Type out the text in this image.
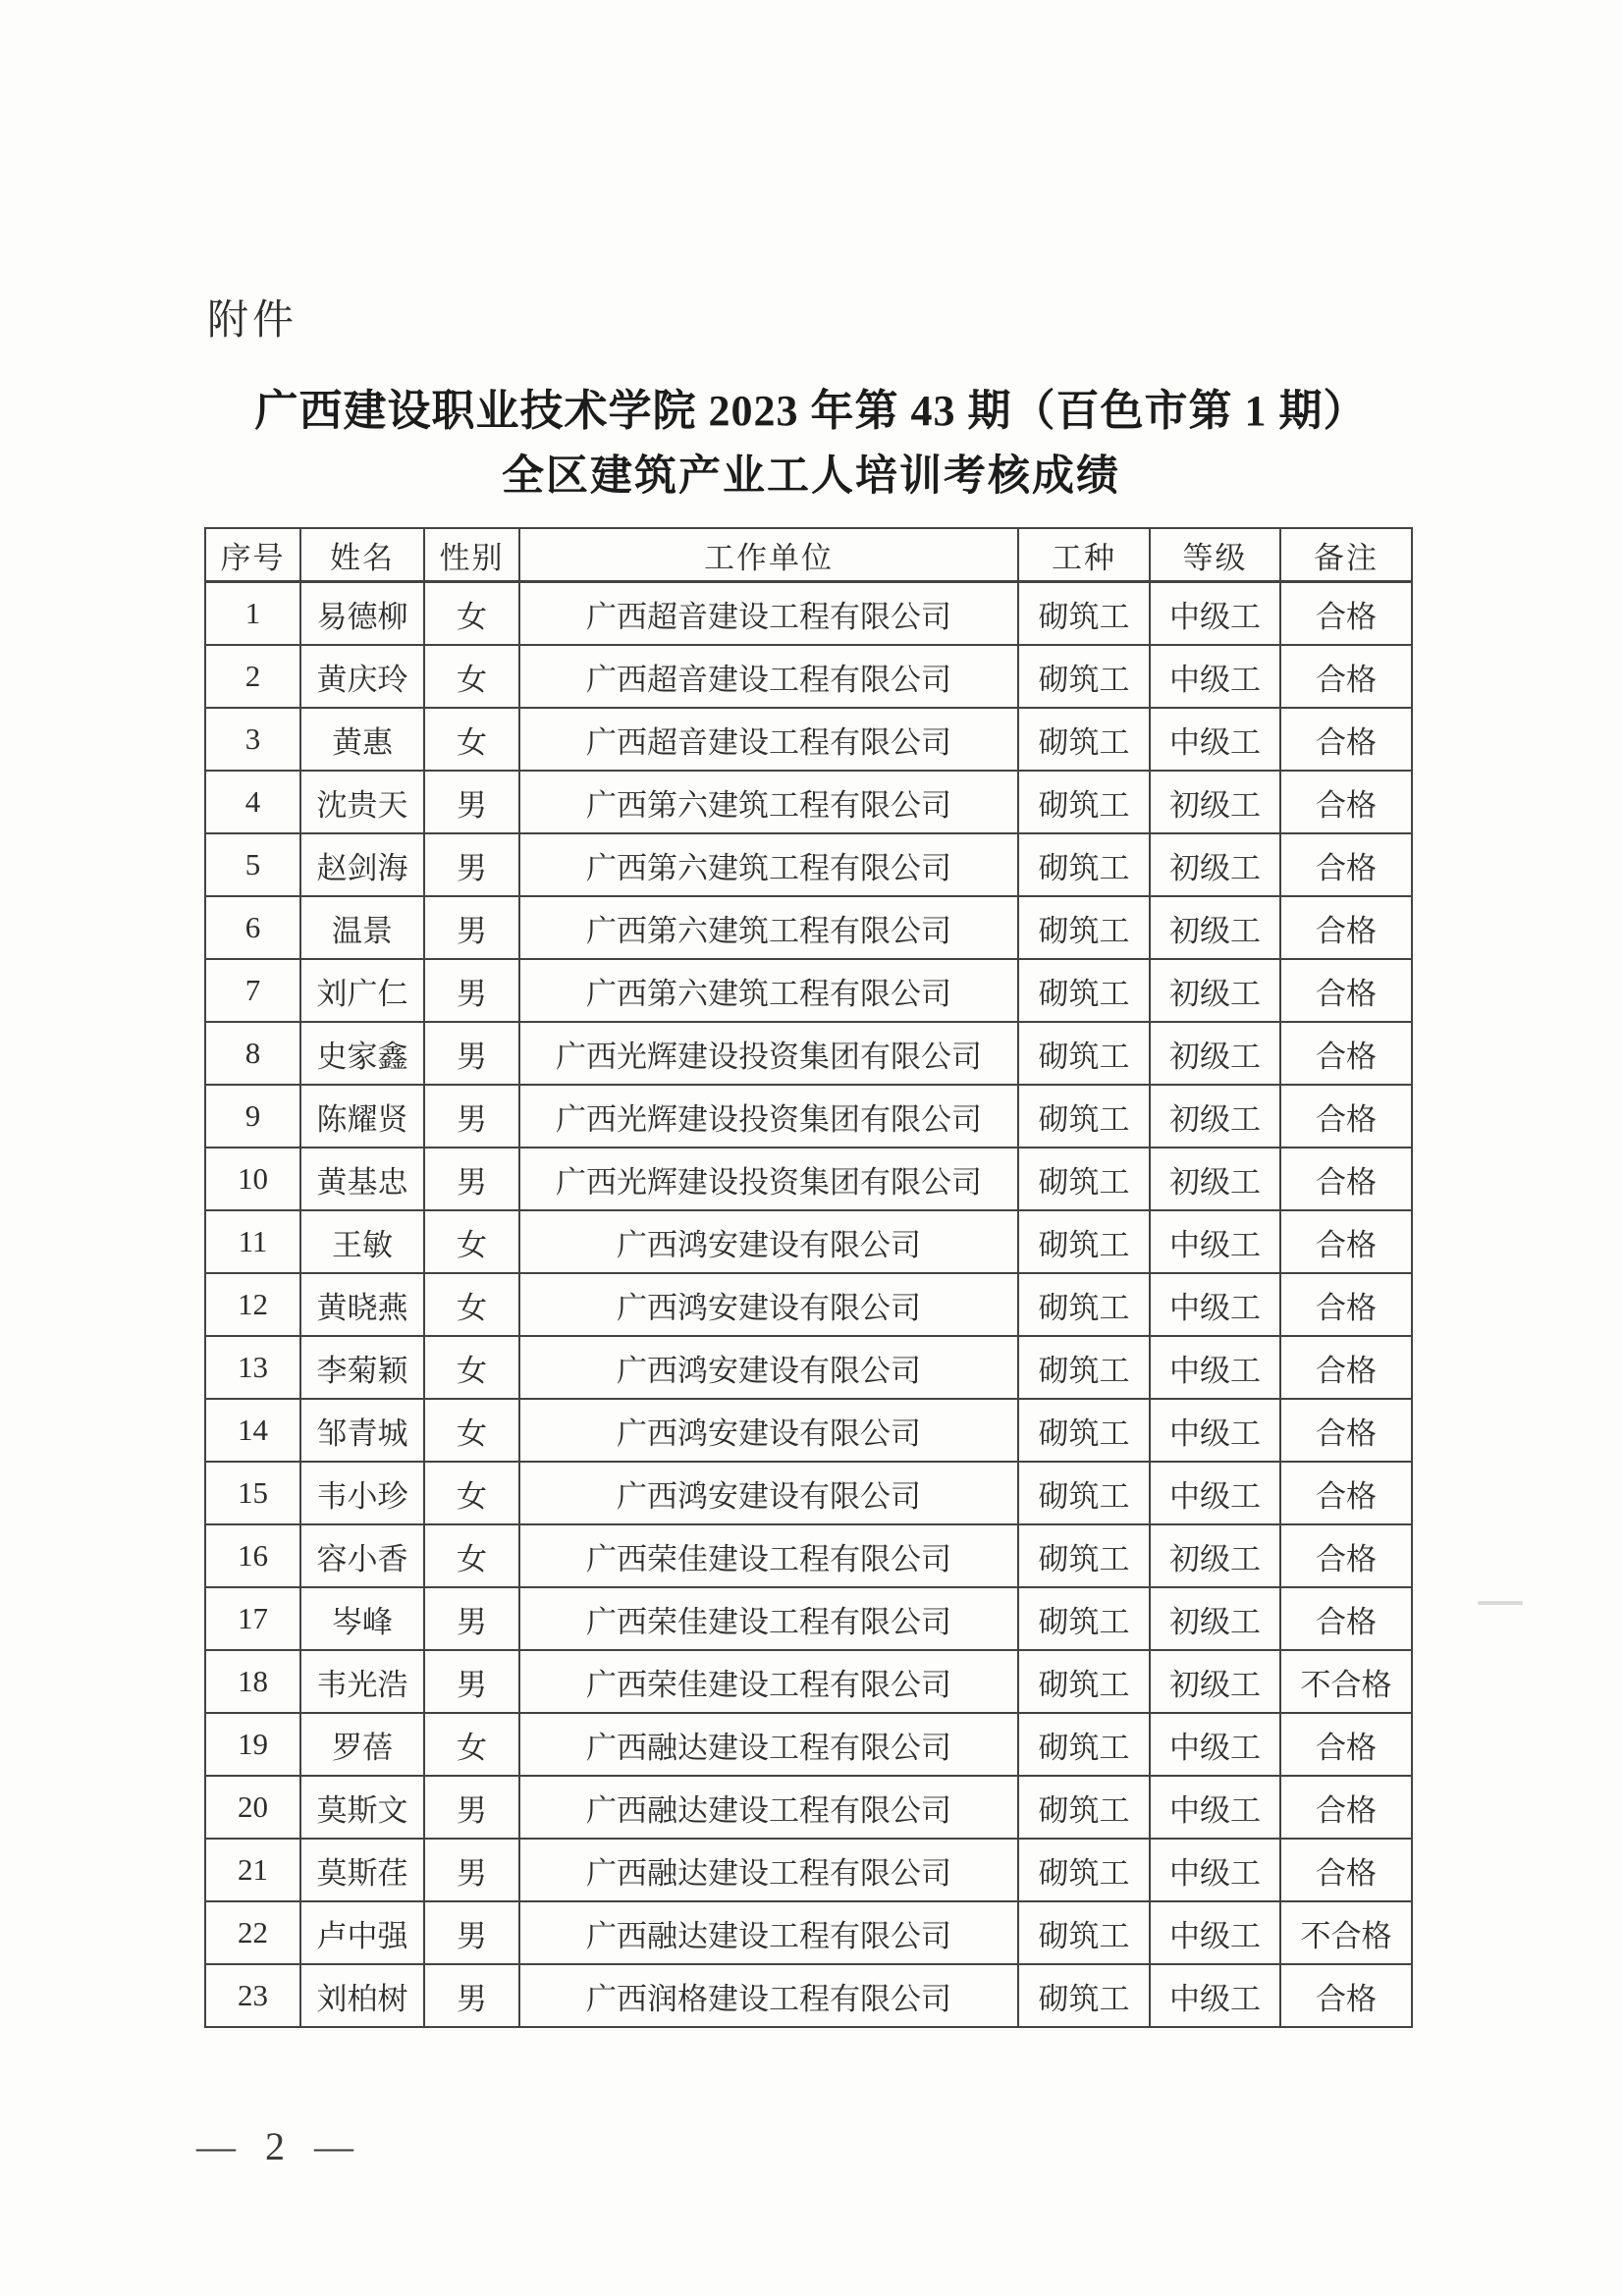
附件
广西建设职业技术学院 2023 年第 43 期（百色市第 1 期）
全区建筑产业工人培训考核成绩
序号	姓名	性别	工作单位	工种	等级	备注
1	易德柳	女	广西超音建设工程有限公司	砌筑工	中级工	合格
2	黄庆玲	女	广西超音建设工程有限公司	砌筑工	中级工	合格
3	黄惠	女	广西超音建设工程有限公司	砌筑工	中级工	合格
4	沈贵天	男	广西第六建筑工程有限公司	砌筑工	初级工	合格
5	赵剑海	男	广西第六建筑工程有限公司	砌筑工	初级工	合格
6	温景	男	广西第六建筑工程有限公司	砌筑工	初级工	合格
7	刘广仁	男	广西第六建筑工程有限公司	砌筑工	初级工	合格
8	史家鑫	男	广西光辉建设投资集团有限公司	砌筑工	初级工	合格
9	陈耀贤	男	广西光辉建设投资集团有限公司	砌筑工	初级工	合格
10	黄基忠	男	广西光辉建设投资集团有限公司	砌筑工	初级工	合格
11	王敏	女	广西鸿安建设有限公司	砌筑工	中级工	合格
12	黄晓燕	女	广西鸿安建设有限公司	砌筑工	中级工	合格
13	李菊颖	女	广西鸿安建设有限公司	砌筑工	中级工	合格
14	邹青城	女	广西鸿安建设有限公司	砌筑工	中级工	合格
15	韦小珍	女	广西鸿安建设有限公司	砌筑工	中级工	合格
16	容小香	女	广西荣佳建设工程有限公司	砌筑工	初级工	合格
17	岑峰	男	广西荣佳建设工程有限公司	砌筑工	初级工	合格
18	韦光浩	男	广西荣佳建设工程有限公司	砌筑工	初级工	不合格
19	罗蓓	女	广西融达建设工程有限公司	砌筑工	中级工	合格
20	莫斯文	男	广西融达建设工程有限公司	砌筑工	中级工	合格
21	莫斯荏	男	广西融达建设工程有限公司	砌筑工	中级工	合格
22	卢中强	男	广西融达建设工程有限公司	砌筑工	中级工	不合格
23	刘柏树	男	广西润格建设工程有限公司	砌筑工	中级工	合格
— 2 —
